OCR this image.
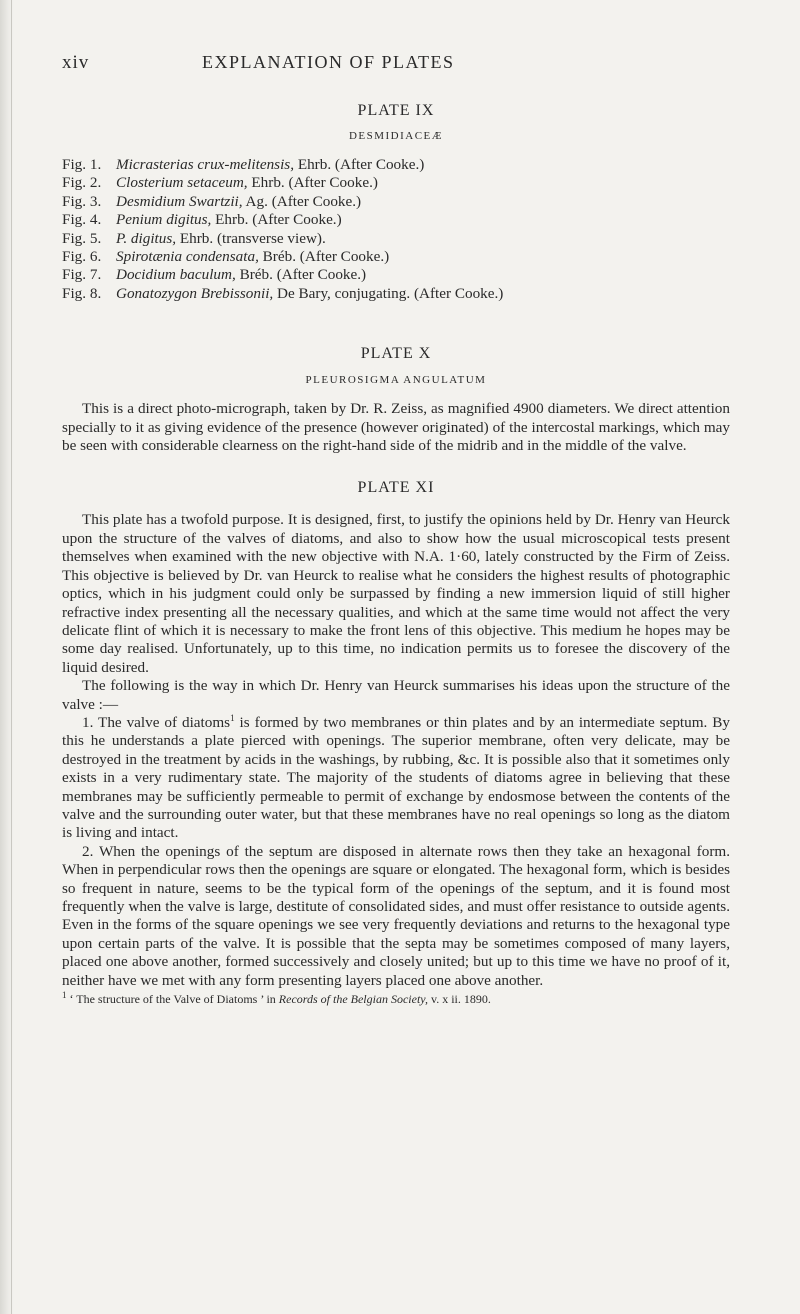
xiv	EXPLANATION OF PLATES
PLATE IX
DESMIDIACEÆ
Fig. 1. Micrasterias crux-melitensis, Ehrb. (After Cooke.)
Fig. 2. Closterium setaceum, Ehrb. (After Cooke.)
Fig. 3. Desmidium Swartzii, Ag. (After Cooke.)
Fig. 4. Penium digitus, Ehrb. (After Cooke.)
Fig. 5. P. digitus, Ehrb. (transverse view).
Fig. 6. Spirotænia condensata, Bréb. (After Cooke.)
Fig. 7. Docidium baculum, Bréb. (After Cooke.)
Fig. 8. Gonatozygon Brebissonii, De Bary, conjugating. (After Cooke.)
PLATE X
PLEUROSIGMA ANGULATUM

This is a direct photo-micrograph, taken by Dr. R. Zeiss, as magnified 4900 diameters. We direct attention specially to it as giving evidence of the presence (however originated) of the intercostal markings, which may be seen with considerable clearness on the right-hand side of the midrib and in the middle of the valve.

PLATE XI

This plate has a twofold purpose. It is designed, first, to justify the opinions held by Dr. Henry van Heurck upon the structure of the valves of diatoms, and also to show how the usual microscopical tests present themselves when examined with the new objective with N.A. 1·60, lately constructed by the Firm of Zeiss. This objective is believed by Dr. van Heurck to realise what he considers the highest results of photographic optics, which in his judgment could only be surpassed by finding a new immersion liquid of still higher refractive index presenting all the necessary qualities, and which at the same time would not affect the very delicate flint of which it is necessary to make the front lens of this objective. This medium he hopes may be some day realised. Unfortunately, up to this time, no indication permits us to foresee the discovery of the liquid desired.

The following is the way in which Dr. Henry van Heurck summarises his ideas upon the structure of the valve :—

1. The valve of diatoms$^1$ is formed by two membranes or thin plates and by an intermediate septum. By this he understands a plate pierced with openings. The superior membrane, often very delicate, may be destroyed in the treatment by acids in the washings, by rubbing, &c. It is possible also that it sometimes only exists in a very rudimentary state. The majority of the students of diatoms agree in believing that these membranes may be sufficiently permeable to permit of exchange by endosmose between the contents of the valve and the surrounding outer water, but that these membranes have no real openings so long as the diatom is living and intact.

2. When the openings of the septum are disposed in alternate rows then they take an hexagonal form. When in perpendicular rows then the openings are square or elongated. The hexagonal form, which is besides so frequent in nature, seems to be the typical form of the openings of the septum, and it is found most frequently when the valve is large, destitute of consolidated sides, and must offer resistance to outside agents. Even in the forms of the square openings we see very frequently deviations and returns to the hexagonal type upon certain parts of the valve. It is possible that the septa may be sometimes composed of many layers, placed one above another, formed successively and closely united; but up to this time we have no proof of it, neither have we met with any form presenting layers placed one above another.

$^1$ ‘ The structure of the Valve of Diatoms ’ in Records of the Belgian Society, v. x ii. 1890.
